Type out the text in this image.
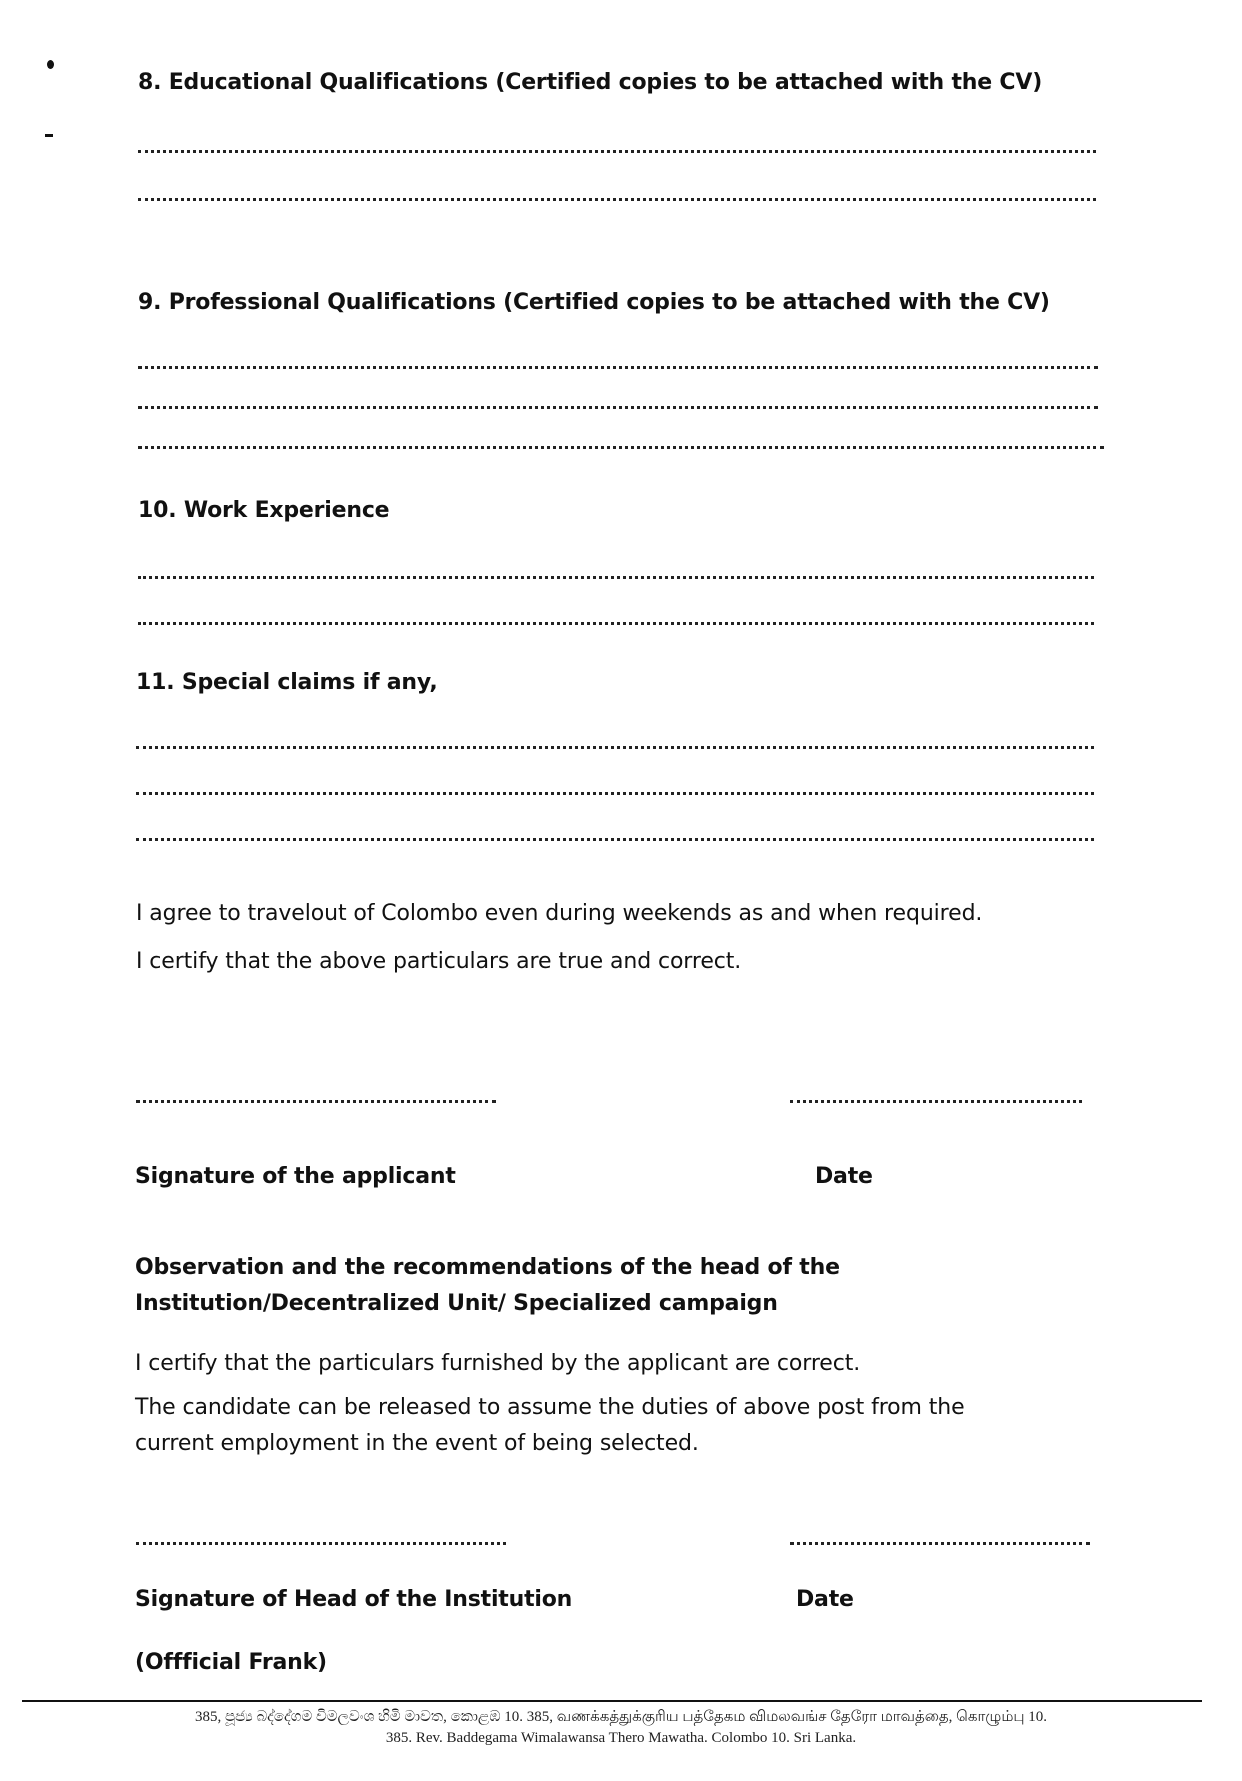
8. Educational Qualifications (Certified copies to be attached with the CV)

9. Professional Qualifications (Certified copies to be attached with the CV)

10. Work Experience

11. Special claims if any,

I agree to travelout of Colombo even during weekends as and when required.

I certify that the above particulars are true and correct.

Signature of the applicant	Date

Observation and the recommendations of the head of the Institution/Decentralized Unit/ Specialized campaign

I certify that the particulars furnished by the applicant are correct.

The candidate can be released to assume the duties of above post from the current employment in the event of being selected.

Signature of Head of the Institution	Date

(Offficial Frank)

385, පූජ්‍ය බද්දේගම විමලවංශ හිමි මාවත, කොළඹ 10. 385, வணக்கத்துக்குரிய பத்தேகம விமலவங்ச தேரோ மாவத்தை, கொழும்பு 10.
385. Rev. Baddegama Wimalawansa Thero Mawatha. Colombo 10. Sri Lanka.
